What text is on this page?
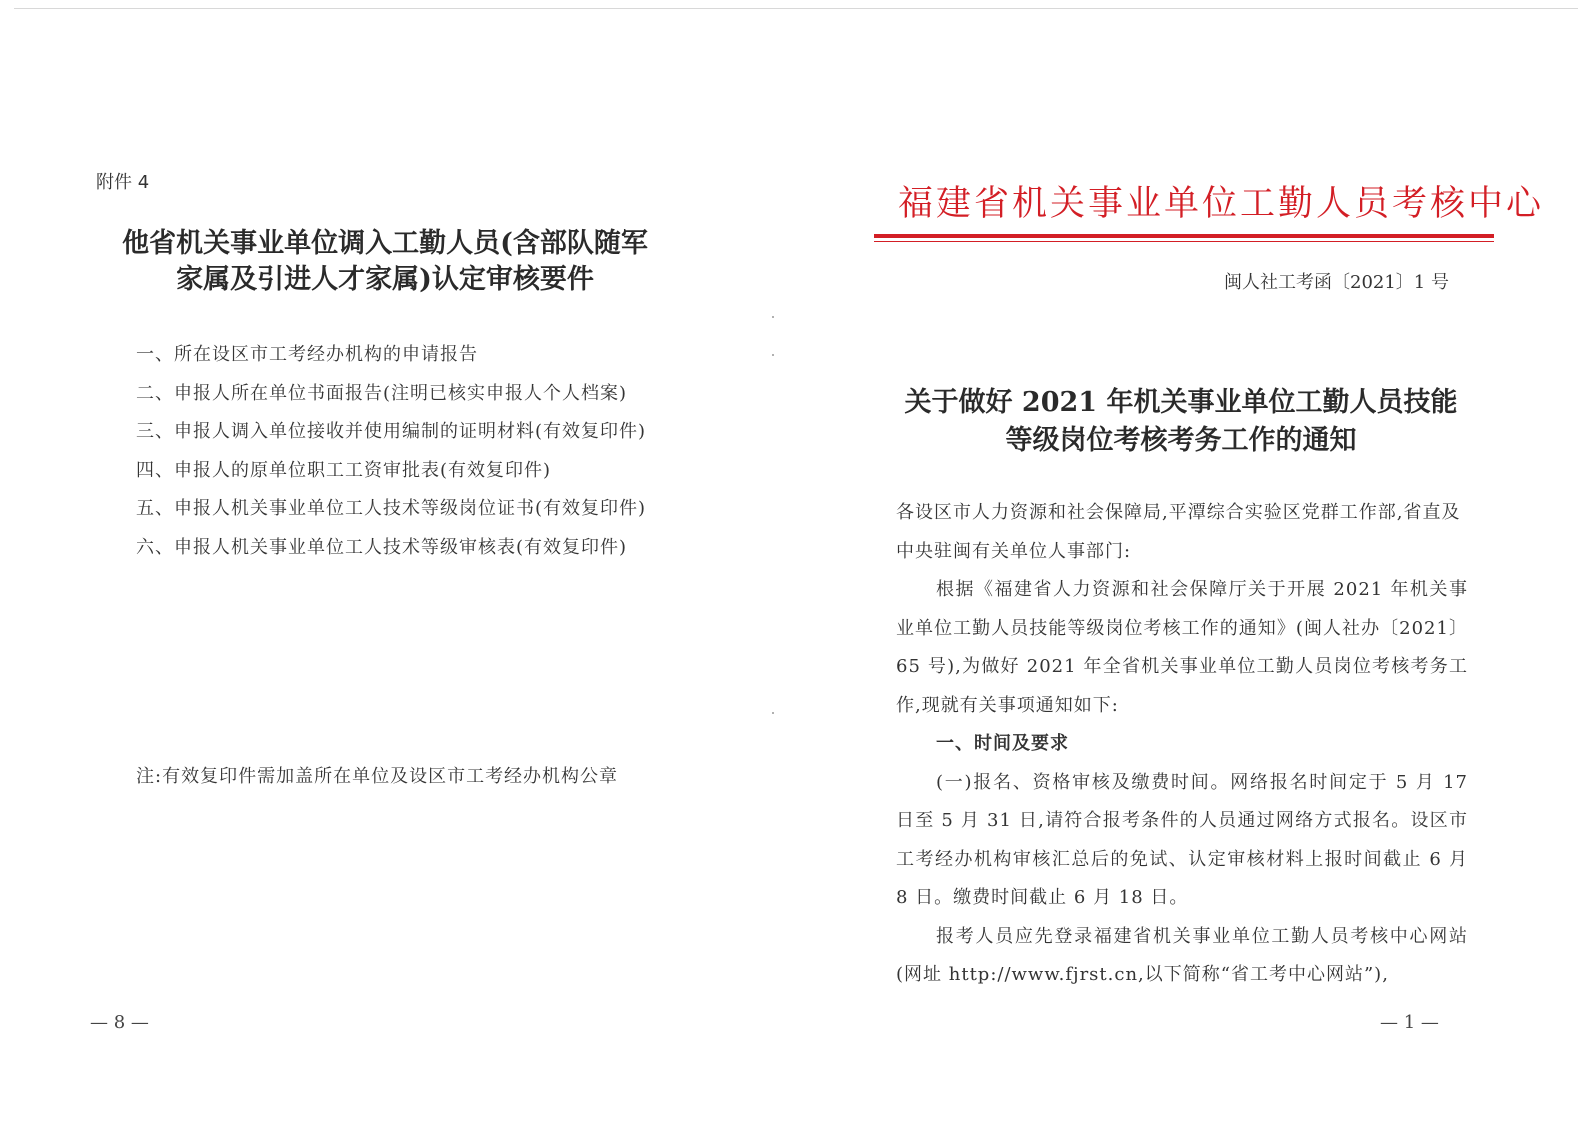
附件 4
他省机关事业单位调入工勤人员(含部队随军
家属及引进人才家属)认定审核要件
一、所在设区市工考经办机构的申请报告
二、申报人所在单位书面报告(注明已核实申报人个人档案)
三、申报人调入单位接收并使用编制的证明材料(有效复印件)
四、申报人的原单位职工工资审批表(有效复印件)
五、申报人机关事业单位工人技术等级岗位证书(有效复印件)
六、申报人机关事业单位工人技术等级审核表(有效复印件)
注:有效复印件需加盖所在单位及设区市工考经办机构公章
— 8 —
福建省机关事业单位工勤人员考核中心
闽人社工考函〔2021〕1 号
关于做好 2021 年机关事业单位工勤人员技能
等级岗位考核考务工作的通知

各设区市人力资源和社会保障局,平潭综合实验区党群工作部,省直及中央驻闽有关单位人事部门:

根据《福建省人力资源和社会保障厅关于开展 2021 年机关事业单位工勤人员技能等级岗位考核工作的通知》(闽人社办〔2021〕65 号),为做好 2021 年全省机关事业单位工勤人员岗位考核考务工作,现就有关事项通知如下:

一、时间及要求

(一)报名、资格审核及缴费时间。网络报名时间定于 5 月 17 日至 5 月 31 日,请符合报考条件的人员通过网络方式报名。设区市工考经办机构审核汇总后的免试、认定审核材料上报时间截止 6 月 8 日。缴费时间截止 6 月 18 日。

报考人员应先登录福建省机关事业单位工勤人员考核中心网站(网址 http://www.fjrst.cn,以下简称“省工考中心网站”),

— 1 —
